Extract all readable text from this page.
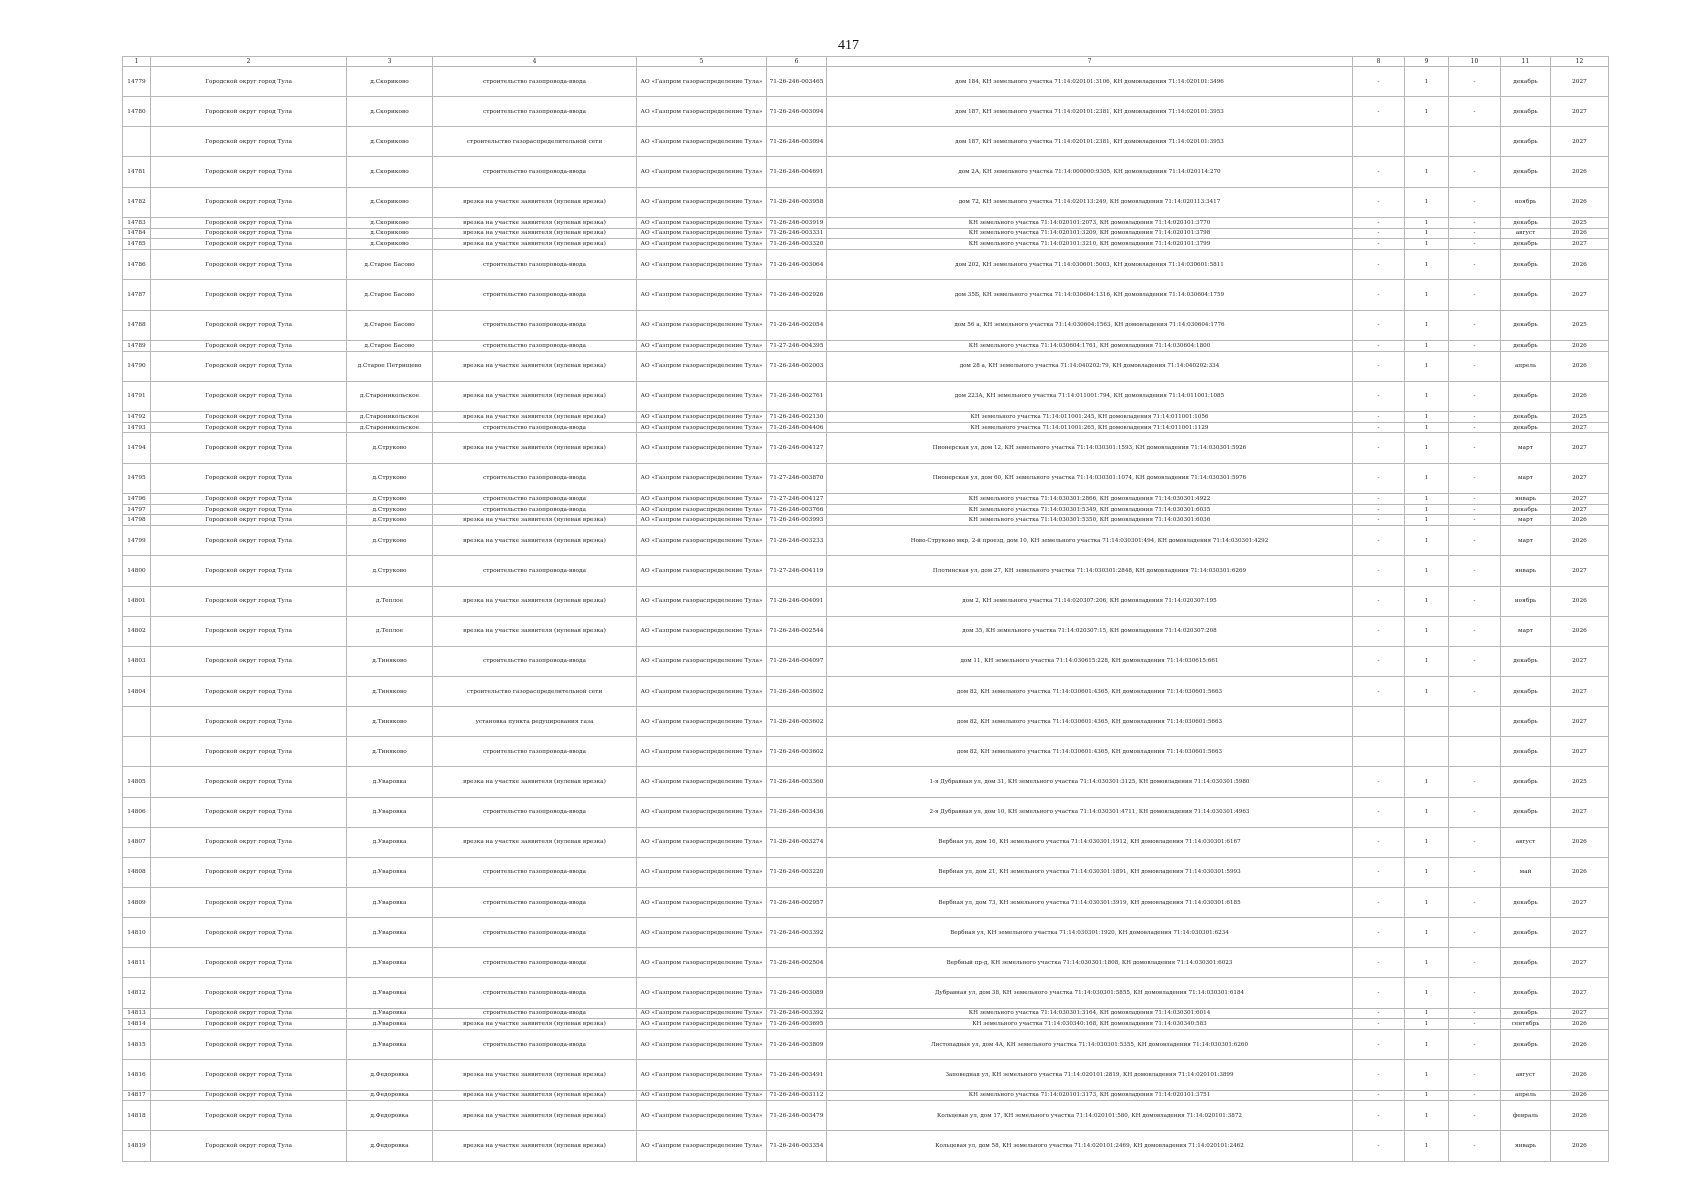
417
1	2	3	4	5	6	7	8	9	10	11	12
14779	Городской округ город Тула	д.Скориково	строительство газопровода-ввода	АО «Газпром газораспределение Тула»	71-26-246-003465	дом 184, КН земельного участка 71:14:020101:3106, КН домовладения 71:14:020101:3496	-	1	-	декабрь	2027
14780	Городской округ город Тула	д.Скориково	строительство газопровода-ввода	АО «Газпром газораспределение Тула»	71-26-246-003094	дом 187, КН земельного участка 71:14:020101:2381, КН домовладения 71:14:020101:3953	-	1	-	декабрь	2027
	Городской округ город Тула	д.Скориково	строительство газораспределительной сети	АО «Газпром газораспределение Тула»	71-26-246-003094	дом 187, КН земельного участка 71:14:020101:2381, КН домовладения 71:14:020101:3953				декабрь	2027
14781	Городской округ город Тула	д.Скориково	строительство газопровода-ввода	АО «Газпром газораспределение Тула»	71-26-246-004691	дом 2А, КН земельного участка 71:14:000000:9305, КН домовладения 71:14:020114:270	-	1	-	декабрь	2026
14782	Городской округ город Тула	д.Скориково	врезка на участке заявителя (нулевая врезка)	АО «Газпром газораспределение Тула»	71-26-246-003958	дом 72, КН земельного участка 71:14:020113:249, КН домовладения 71:14:020113:3417	-	1	-	ноябрь	2026
14783	Городской округ город Тула	д.Скориково	врезка на участке заявителя (нулевая врезка)	АО «Газпром газораспределение Тула»	71-26-246-003919	КН земельного участка 71:14:020101:2073, КН домовладения 71:14:020101:3770	-	1	-	декабрь	2025
14784	Городской округ город Тула	д.Скориково	врезка на участке заявителя (нулевая врезка)	АО «Газпром газораспределение Тула»	71-26-246-003331	КН земельного участка 71:14:020101:3209, КН домовладения 71:14:020101:3798	-	1	-	август	2026
14785	Городской округ город Тула	д.Скориково	врезка на участке заявителя (нулевая врезка)	АО «Газпром газораспределение Тула»	71-26-246-003320	КН земельного участка 71:14:020101:3210, КН домовладения 71:14:020101:3799	-	1	-	декабрь	2027
14786	Городской округ город Тула	д.Старое Басово	строительство газопровода-ввода	АО «Газпром газораспределение Тула»	71-26-246-003064	дом 202, КН земельного участка 71:14:030601:5003, КН домовладения 71:14:030601:5811	-	1	-	декабрь	2026
14787	Городской округ город Тула	д.Старое Басово	строительство газопровода-ввода	АО «Газпром газораспределение Тула»	71-26-246-002926	дом 35Б, КН земельного участка 71:14:030604:1316, КН домовладения 71:14:030604:1759	-	1	-	декабрь	2027
14788	Городской округ город Тула	д.Старое Басово	строительство газопровода-ввода	АО «Газпром газораспределение Тула»	71-26-246-002054	дом 56 а, КН земельного участка 71:14:030604:1563, КН домовладения 71:14:030604:1776	-	1	-	декабрь	2025
14789	Городской округ город Тула	д.Старое Басово	строительство газопровода-ввода	АО «Газпром газораспределение Тула»	71-27-246-004395	КН земельного участка 71:14:030604:1761, КН домовладения 71:14:030604:1800	-	1	-	декабрь	2026
14790	Городской округ город Тула	д.Старое Петрищево	врезка на участке заявителя (нулевая врезка)	АО «Газпром газораспределение Тула»	71-26-246-002003	дом 28 а, КН земельного участка 71:14:040202:79, КН домовладения 71:14:040202:334	-	1	-	апрель	2026
14791	Городской округ город Тула	д.Староникольское	врезка на участке заявителя (нулевая врезка)	АО «Газпром газораспределение Тула»	71-26-246-002761	дом 223А, КН земельного участка 71:14:011001:794, КН домовладения 71:14:011001:1085	-	1	-	декабрь	2026
14792	Городской округ город Тула	д.Староникольское	врезка на участке заявителя (нулевая врезка)	АО «Газпром газораспределение Тула»	71-26-246-002130	КН земельного участка 71:14:011001:245, КН домовладения 71:14:011001:1056	-	1	-	декабрь	2025
14793	Городской округ город Тула	д.Староникольское	строительство газопровода-ввода	АО «Газпром газораспределение Тула»	71-26-246-004406	КН земельного участка 71:14:011001:265, КН домовладения 71:14:011001:1129	-	1	-	декабрь	2027
14794	Городской округ город Тула	д.Струково	врезка на участке заявителя (нулевая врезка)	АО «Газпром газораспределение Тула»	71-26-246-004127	Пионерская ул, дом 12, КН земельного участка 71:14:030301:1593, КН домовладения 71:14:030301:5926	-	1	-	март	2027
14795	Городской округ город Тула	д.Струково	строительство газопровода-ввода	АО «Газпром газораспределение Тула»	71-27-246-003870	Пионерская ул, дом 60, КН земельного участка 71:14:030301:1074, КН домовладения 71:14:030301:5976	-	1	-	март	2027
14796	Городской округ город Тула	д.Струково	строительство газопровода-ввода	АО «Газпром газораспределение Тула»	71-27-246-004127	КН земельного участка 71:14:030301:2866, КН домовладения 71:14:030301:4922	-	1	-	январь	2027
14797	Городской округ город Тула	д.Струково	строительство газопровода-ввода	АО «Газпром газораспределение Тула»	71-26-246-003766	КН земельного участка 71:14:030301:5349, КН домовладения 71:14:030301:6035	-	1	-	декабрь	2027
14798	Городской округ город Тула	д.Струково	врезка на участке заявителя (нулевая врезка)	АО «Газпром газораспределение Тула»	71-26-246-003993	КН земельного участка 71:14:030301:5350, КН домовладения 71:14:030301:6036	-	1	-	март	2026
14799	Городской округ город Тула	д.Струково	врезка на участке заявителя (нулевая врезка)	АО «Газпром газораспределение Тула»	71-26-246-003233	Ново-Струково мкр, 2-й проезд, дом 10, КН земельного участка 71:14:030301:494, КН домовладения 71:14:030301:4292	-	1	-	март	2026
14800	Городской округ город Тула	д.Струково	строительство газопровода-ввода	АО «Газпром газораспределение Тула»	71-27-246-004119	Плотинская ул, дом 27, КН земельного участка 71:14:030301:2848, КН домовладения 71:14:030301:6269	-	1	-	январь	2027
14801	Городской округ город Тула	д.Теплое	врезка на участке заявителя (нулевая врезка)	АО «Газпром газораспределение Тула»	71-26-246-004091	дом 2, КН земельного участка 71:14:020307:206, КН домовладения 71:14:020307:195	-	1	-	ноябрь	2026
14802	Городской округ город Тула	д.Теплое	врезка на участке заявителя (нулевая врезка)	АО «Газпром газораспределение Тула»	71-26-246-002544	дом 35, КН земельного участка 71:14:020307:15, КН домовладения 71:14:020307:208	-	1	-	март	2026
14803	Городской округ город Тула	д.Тиняково	строительство газопровода-ввода	АО «Газпром газораспределение Тула»	71-26-246-004097	дом 11, КН земельного участка 71:14:030615:228, КН домовладения 71:14:030615:661	-	1	-	декабрь	2027
14804	Городской округ город Тула	д.Тиняково	строительство газораспределительной сети	АО «Газпром газораспределение Тула»	71-26-246-003602	дом 82, КН земельного участка 71:14:030601:4365, КН домовладения 71:14:030601:5663	-	1	-	декабрь	2027
	Городской округ город Тула	д.Тиняково	установка пункта редуцирования газа	АО «Газпром газораспределение Тула»	71-26-246-003602	дом 82, КН земельного участка 71:14:030601:4365, КН домовладения 71:14:030601:5663				декабрь	2027
	Городской округ город Тула	д.Тиняково	строительство газопровода-ввода	АО «Газпром газораспределение Тула»	71-26-246-003602	дом 82, КН земельного участка 71:14:030601:4365, КН домовладения 71:14:030601:5663				декабрь	2027
14805	Городской округ город Тула	д.Уваровка	врезка на участке заявителя (нулевая врезка)	АО «Газпром газораспределение Тула»	71-26-246-003360	1-я Дубравная ул, дом 31, КН земельного участка 71:14:030301:3125, КН домовладения 71:14:030301:5980	-	1	-	декабрь	2025
14806	Городской округ город Тула	д.Уваровка	строительство газопровода-ввода	АО «Газпром газораспределение Тула»	71-26-246-003436	2-я Дубравная ул, дом 10, КН земельного участка 71:14:030301:4711, КН домовладения 71:14:030301:4963	-	1	-	декабрь	2027
14807	Городской округ город Тула	д.Уваровка	врезка на участке заявителя (нулевая врезка)	АО «Газпром газораспределение Тула»	71-26-246-003274	Вербная ул, дом 16, КН земельного участка 71:14:030301:1912, КН домовладения 71:14:030301:6167	-	1	-	август	2026
14808	Городской округ город Тула	д.Уваровка	строительство газопровода-ввода	АО «Газпром газораспределение Тула»	71-26-246-003220	Вербная ул, дом 21, КН земельного участка 71:14:030301:1891, КН домовладения 71:14:030301:5993	-	1	-	май	2026
14809	Городской округ город Тула	д.Уваровка	строительство газопровода-ввода	АО «Газпром газораспределение Тула»	71-26-246-002957	Вербная ул, дом 73, КН земельного участка 71:14:030301:3919, КН домовладения 71:14:030301:6185	-	1	-	декабрь	2027
14810	Городской округ город Тула	д.Уваровка	строительство газопровода-ввода	АО «Газпром газораспределение Тула»	71-26-246-003392	Вербная ул, КН земельного участка 71:14:030301:1920, КН домовладения 71:14:030301:6234	-	1	-	декабрь	2027
14811	Городской округ город Тула	д.Уваровка	строительство газопровода-ввода	АО «Газпром газораспределение Тула»	71-26-246-002504	Вербный пр-д, КН земельного участка 71:14:030301:1808, КН домовладения 71:14:030301:6023	-	1	-	декабрь	2027
14812	Городской округ город Тула	д.Уваровка	строительство газопровода-ввода	АО «Газпром газораспределение Тула»	71-26-246-003089	Дубравная ул, дом 38, КН земельного участка 71:14:030301:5855, КН домовладения 71:14:030301:6184	-	1	-	декабрь	2027
14813	Городской округ город Тула	д.Уваровка	строительство газопровода-ввода	АО «Газпром газораспределение Тула»	71-26-246-003392	КН земельного участка 71:14:030301:3164, КН домовладения 71:14:030301:6014	-	1	-	декабрь	2027
14814	Городской округ город Тула	д.Уваровка	врезка на участке заявителя (нулевая врезка)	АО «Газпром газораспределение Тула»	71-26-246-003695	КН земельного участка 71:14:030340:168, КН домовладения 71:14:030340:583	-	1	-	сентябрь	2026
14815	Городской округ город Тула	д.Уваровка	строительство газопровода-ввода	АО «Газпром газораспределение Тула»	71-26-246-003809	Листопадная ул, дом 4А, КН земельного участка 71:14:030301:5355, КН домовладения 71:14:030301:6260	-	1	-	декабрь	2026
14816	Городской округ город Тула	д.Федоровка	врезка на участке заявителя (нулевая врезка)	АО «Газпром газораспределение Тула»	71-26-246-003491	Заповедная ул, КН земельного участка 71:14:020101:2819, КН домовладения 71:14:020101:3899	-	1	-	август	2026
14817	Городской округ город Тула	д.Федоровка	врезка на участке заявителя (нулевая врезка)	АО «Газпром газораспределение Тула»	71-26-246-003112	КН земельного участка 71:14:020101:3173, КН домовладения 71:14:020101:3751	-	1	-	апрель	2026
14818	Городской округ город Тула	д.Федоровка	врезка на участке заявителя (нулевая врезка)	АО «Газпром газораспределение Тула»	71-26-246-003479	Кольцевая ул, дом 17, КН земельного участка 71:14:020101:580, КН домовладения 71:14:020101:3872	-	1	-	февраль	2026
14819	Городской округ город Тула	д.Федоровка	врезка на участке заявителя (нулевая врезка)	АО «Газпром газораспределение Тула»	71-26-246-003354	Кольцевая ул, дом 58, КН земельного участка 71:14:020101:2469, КН домовладения 71:14:020101:2462	-	1	-	январь	2026
